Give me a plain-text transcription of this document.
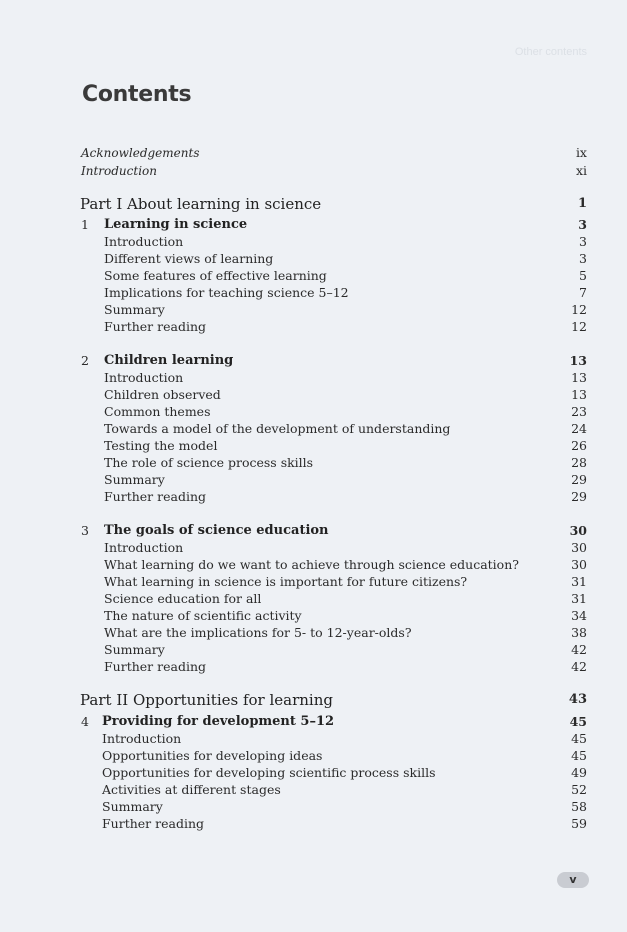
Other contents
Contents
Acknowledgements	ix
Introduction	xi
Part I About learning in science	1
1 Learning in science	3
Introduction	3
Different views of learning	3
Some features of effective learning	5
Implications for teaching science 5–12	7
Summary	12
Further reading	12
2 Children learning	13
Introduction	13
Children observed	13
Common themes	23
Towards a model of the development of understanding	24
Testing the model	26
The role of science process skills	28
Summary	29
Further reading	29
3 The goals of science education	30
Introduction	30
What learning do we want to achieve through science education?	30
What learning in science is important for future citizens?	31
Science education for all	31
The nature of scientific activity	34
What are the implications for 5- to 12-year-olds?	38
Summary	42
Further reading	42
Part II Opportunities for learning	43
4 Providing for development 5–12	45
Introduction	45
Opportunities for developing ideas	45
Opportunities for developing scientific process skills	49
Activities at different stages	52
Summary	58
Further reading	59
v
